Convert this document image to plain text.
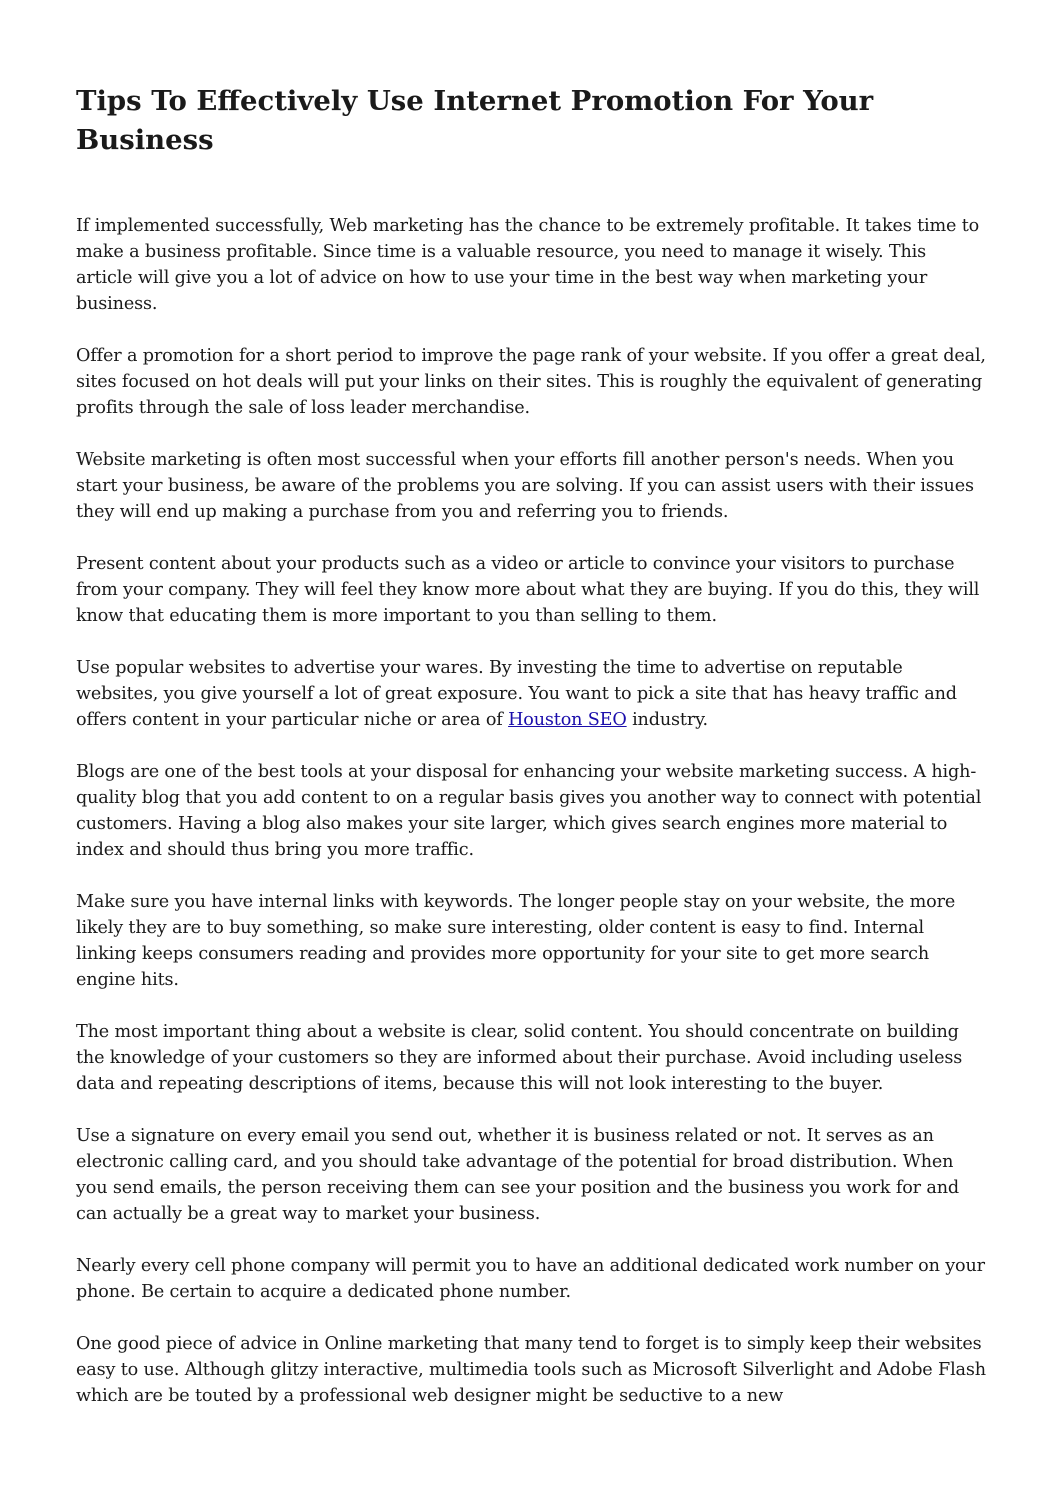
Tips To Effectively Use Internet Promotion For Your Business

If implemented successfully, Web marketing has the chance to be extremely profitable. It takes time to make a business profitable. Since time is a valuable resource, you need to manage it wisely. This article will give you a lot of advice on how to use your time in the best way when marketing your business.

Offer a promotion for a short period to improve the page rank of your website. If you offer a great deal, sites focused on hot deals will put your links on their sites. This is roughly the equivalent of generating profits through the sale of loss leader merchandise.

Website marketing is often most successful when your efforts fill another person's needs. When you start your business, be aware of the problems you are solving. If you can assist users with their issues they will end up making a purchase from you and referring you to friends.

Present content about your products such as a video or article to convince your visitors to purchase from your company. They will feel they know more about what they are buying. If you do this, they will know that educating them is more important to you than selling to them.

Use popular websites to advertise your wares. By investing the time to advertise on reputable websites, you give yourself a lot of great exposure. You want to pick a site that has heavy traffic and offers content in your particular niche or area of Houston SEO industry.

Blogs are one of the best tools at your disposal for enhancing your website marketing success. A high-quality blog that you add content to on a regular basis gives you another way to connect with potential customers. Having a blog also makes your site larger, which gives search engines more material to index and should thus bring you more traffic.

Make sure you have internal links with keywords. The longer people stay on your website, the more likely they are to buy something, so make sure interesting, older content is easy to find. Internal linking keeps consumers reading and provides more opportunity for your site to get more search engine hits.

The most important thing about a website is clear, solid content. You should concentrate on building the knowledge of your customers so they are informed about their purchase. Avoid including useless data and repeating descriptions of items, because this will not look interesting to the buyer.

Use a signature on every email you send out, whether it is business related or not. It serves as an electronic calling card, and you should take advantage of the potential for broad distribution. When you send emails, the person receiving them can see your position and the business you work for and can actually be a great way to market your business.

Nearly every cell phone company will permit you to have an additional dedicated work number on your phone. Be certain to acquire a dedicated phone number.

One good piece of advice in Online marketing that many tend to forget is to simply keep their websites easy to use. Although glitzy interactive, multimedia tools such as Microsoft Silverlight and Adobe Flash which are be touted by a professional web designer might be seductive to a new
